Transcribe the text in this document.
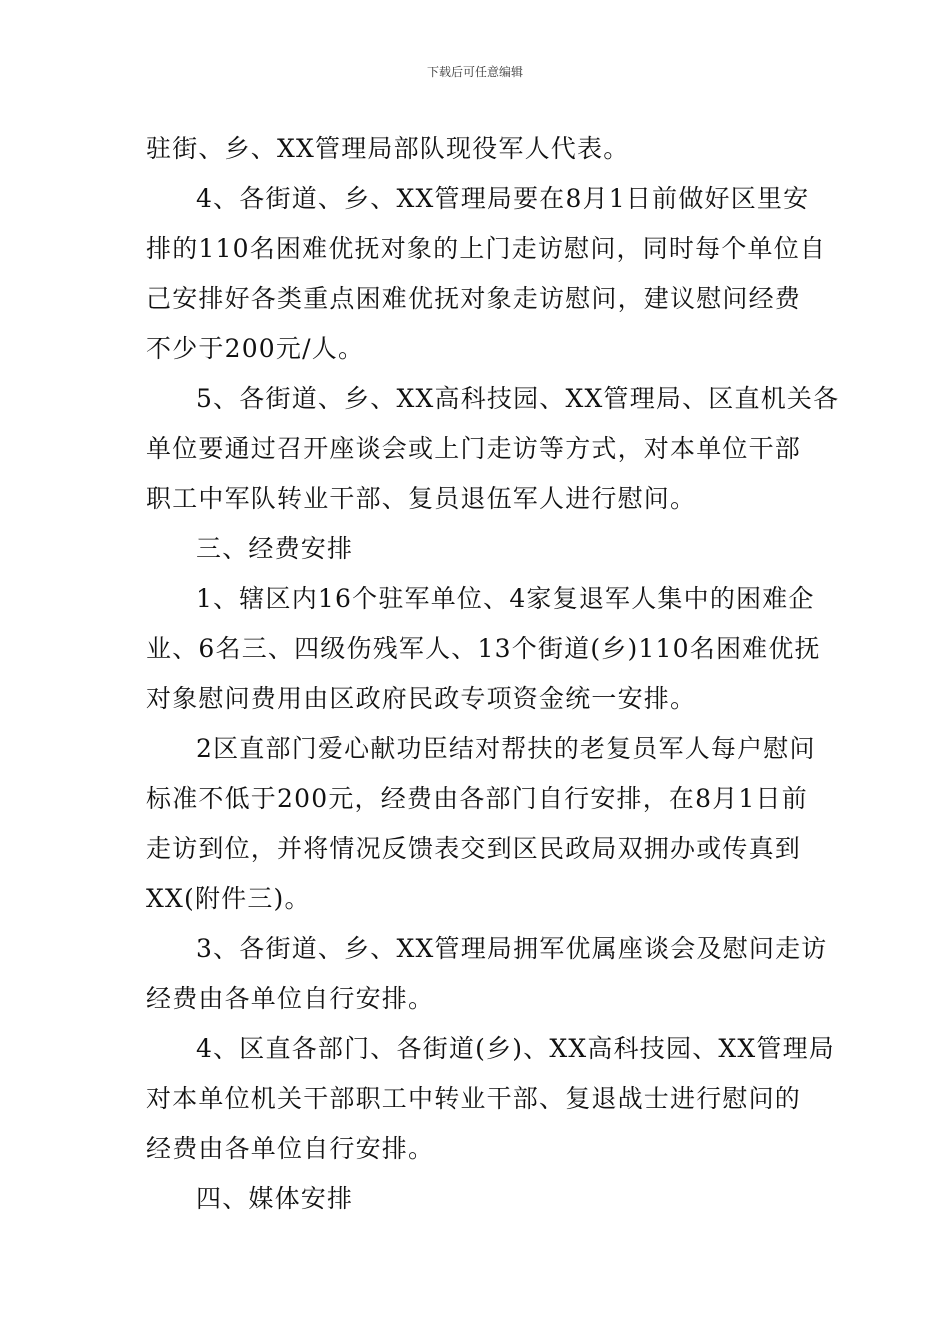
下载后可任意编辑
驻街、乡、XX管理局部队现役军人代表。
4、各街道、乡、XX管理局要在8月1日前做好区里安
排的110名困难优抚对象的上门走访慰问，同时每个单位自
己安排好各类重点困难优抚对象走访慰问，建议慰问经费
不少于200元/人。
5、各街道、乡、XX高科技园、XX管理局、区直机关各
单位要通过召开座谈会或上门走访等方式，对本单位干部
职工中军队转业干部、复员退伍军人进行慰问。
三、经费安排
1、辖区内16个驻军单位、4家复退军人集中的困难企
业、6名三、四级伤残军人、13个街道(乡)110名困难优抚
对象慰问费用由区政府民政专项资金统一安排。
2区直部门爱心献功臣结对帮扶的老复员军人每户慰问
标准不低于200元，经费由各部门自行安排，在8月1日前
走访到位，并将情况反馈表交到区民政局双拥办或传真到
XX(附件三)。
3、各街道、乡、XX管理局拥军优属座谈会及慰问走访
经费由各单位自行安排。
4、区直各部门、各街道(乡)、XX高科技园、XX管理局
对本单位机关干部职工中转业干部、复退战士进行慰问的
经费由各单位自行安排。
四、媒体安排
